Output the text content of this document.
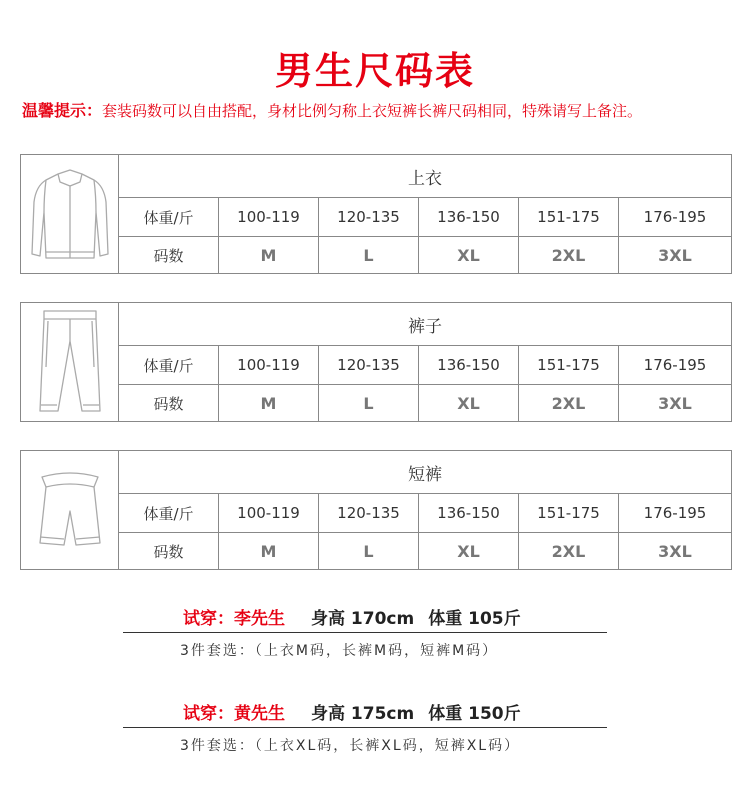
男生尺码表
温馨提示：套装码数可以自由搭配，身材比例匀称上衣短裤长裤尺码相同，特殊请写上备注。
上衣
体重/斤	100-119	120-135	136-150	151-175	176-195
码数	M	L	XL	2XL	3XL
裤子
体重/斤	100-119	120-135	136-150	151-175	176-195
码数	M	L	XL	2XL	3XL
短裤
体重/斤	100-119	120-135	136-150	151-175	176-195
码数	M	L	XL	2XL	3XL
试穿：李先生 身高 170cm 体重 105斤
3件套选：（上衣M码，长裤M码，短裤M码）
试穿：黄先生 身高 175cm 体重 150斤
3件套选：（上衣XL码，长裤XL码，短裤XL码）
